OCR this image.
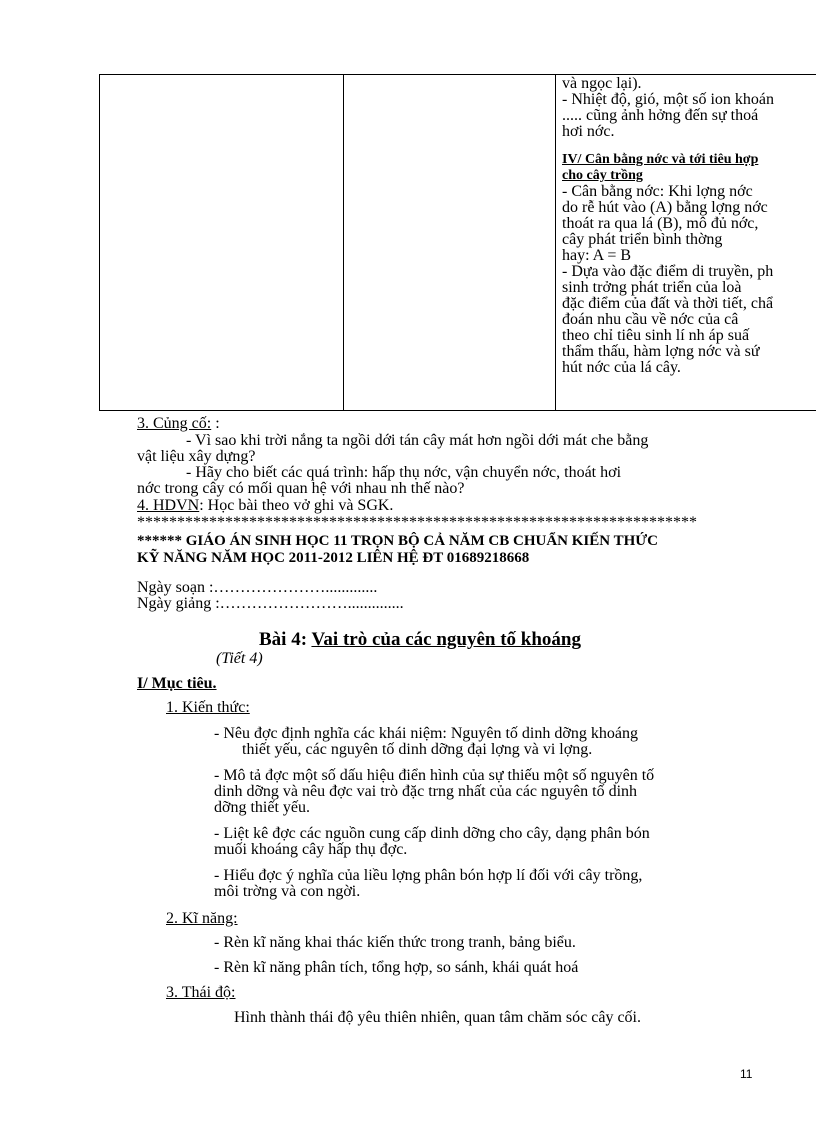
và ngọc lại).
- Nhiệt độ, gió, một số ion khoán
..... cũng ảnh hởng đến sự thoá
hơi nớc.
IV/ Cân bằng nớc và tới tiêu hợp
cho cây trồng
- Cân bằng nớc: Khi lợng nớc
do rễ hút vào (A) bằng lợng nớc
thoát ra qua lá (B), mô đủ nớc,
cây phát triển bình thờng
hay: A = B
- Dựa vào đặc điểm di truyền, ph
sinh trởng phát triển của loà
đặc điểm của đất và thời tiết, chẩ
đoán nhu cầu về nớc của câ
theo chỉ tiêu sinh lí nh áp suấ
thẩm thấu, hàm lợng nớc và sứ
hút nớc của lá cây.
3. Củng cố: :
- Vì sao khi trời nắng ta ngồi dới tán cây mát hơn ngồi dới mát che bằng
vật liệu xây dựng?
- Hãy cho biết các quá trình: hấp thụ nớc, vận chuyển nớc, thoát hơi
nớc trong cây có mối quan hệ với nhau nh thế nào?
4. HDVN: Học bài theo vở ghi và SGK.
**********************************************************************
****** GIÁO ÁN SINH HỌC 11 TRỌN BỘ CẢ NĂM CB CHUẨN KIẾN THỨC
KỸ NĂNG NĂM HỌC 2011-2012 LIÊN HỆ ĐT 01689218668
Ngày soạn :………………….............
Ngày giảng :……………………..............
Bài 4: Vai trò của các nguyên tố khoáng
(Tiết 4)
I/ Mục tiêu.
1. Kiến thức:
- Nêu đợc định nghĩa các khái niệm: Nguyên tố dinh dỡng khoáng
thiết yếu, các nguyên tố dinh dỡng đại lợng và vi lợng.
- Mô tả đợc một số dấu hiệu điển hình của sự thiếu một số nguyên tố
dinh dỡng và nêu đợc vai trò đặc trng nhất của các nguyên tố dinh
dỡng thiết yếu.
- Liệt kê đợc các nguồn cung cấp dinh dỡng cho cây, dạng phân bón
muối khoáng cây hấp thụ đợc.
- Hiểu đợc ý nghĩa của liều lợng phân bón hợp lí đối với cây trồng,
môi trờng và con ngời.
2. Kĩ năng:
- Rèn kĩ năng khai thác kiến thức trong tranh, bảng biểu.
- Rèn kĩ năng phân tích, tổng hợp, so sánh, khái quát hoá
3. Thái độ:
Hình thành thái độ yêu thiên nhiên, quan tâm chăm sóc cây cối.
11
